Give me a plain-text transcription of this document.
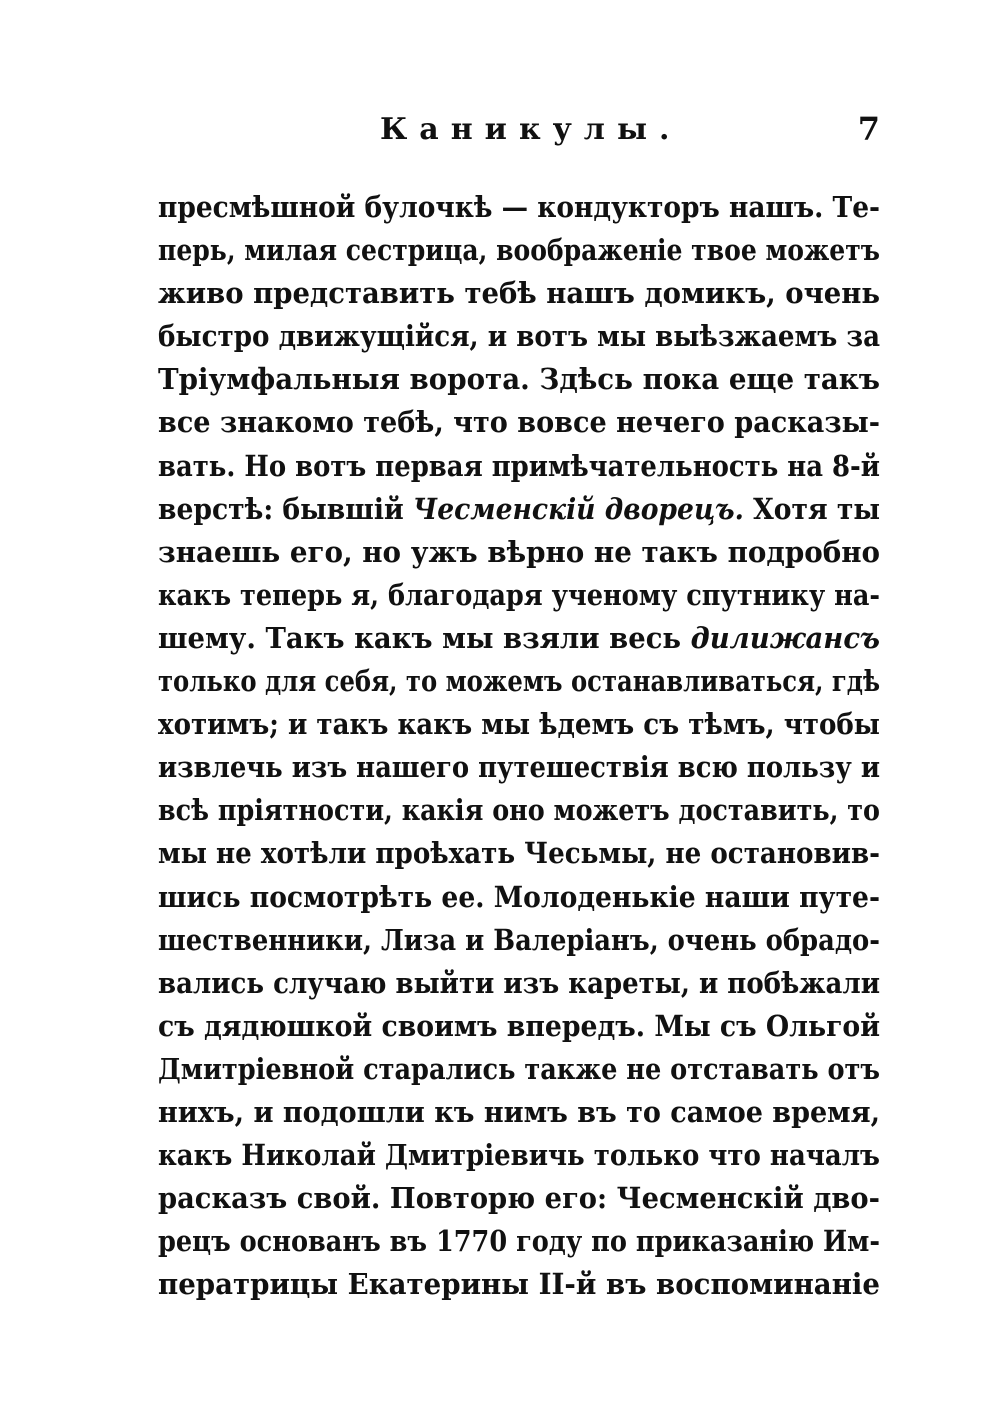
Каникулы.	7
пресмѣшной булочкѣ — кондукторъ нашъ. Те-
перь, милая сестрица, воображеніе твое можетъ
живо представить тебѣ нашъ домикъ, очень
быстро движущійся, и вотъ мы выѣзжаемъ за
Тріумфальныя ворота. Здѣсь пока еще такъ
все знакомо тебѣ, что вовсе нечего расказы-
вать. Но вотъ первая примѣчательность на 8-й
верстѣ: бывшій Чесменскій дворецъ. Хотя ты
знаешь его, но ужъ вѣрно не такъ подробно
какъ теперь я, благодаря ученому спутнику на-
шему. Такъ какъ мы взяли весь дилижансъ
только для себя, то можемъ останавливаться, гдѣ
хотимъ; и такъ какъ мы ѣдемъ съ тѣмъ, чтобы
извлечь изъ нашего путешествія всю пользу и
всѣ пріятности, какія оно можетъ доставить, то
мы не хотѣли проѣхать Чесьмы, не остановив-
шись посмотрѣть ее. Молоденькіе наши путе-
шественники, Лиза и Валеріанъ, очень обрадо-
вались случаю выйти изъ кареты, и побѣжали
съ дядюшкой своимъ впередъ. Мы съ Ольгой
Дмитріевной старались также не отставать отъ
нихъ, и подошли къ нимъ въ то самое время,
какъ Николай Дмитріевичь только что началъ
расказъ свой. Повторю его: Чесменскій дво-
рецъ основанъ въ 1770 году по приказанію Им-
ператрицы Екатерины II-й въ воспоминаніе
